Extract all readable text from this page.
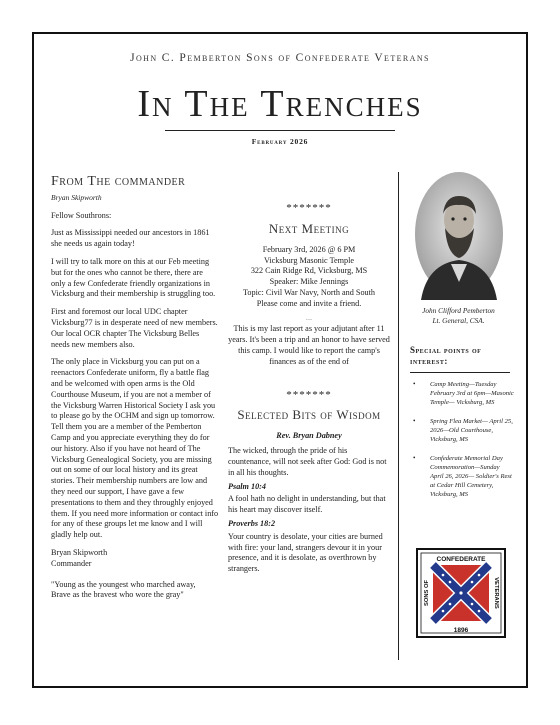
John C. Pemberton Sons of Confederate Veterans
In The Trenches
February 2026
From The commander

Bryan Skipworth

Fellow Southrons:

Just as Mississippi needed our ancestors in 1861 she needs us again today!

I will try to talk more on this at our Feb meeting but for the ones who cannot be there, there are only a few Confederate friendly organizations in Vicksburg and their membership is struggling too.

First and foremost our local UDC chapter Vicksburg77 is in desperate need of new members. Our local OCR chapter The Vicksburg Belles needs new members also.

The only place in Vicksburg you can put on a reenactors Confederate uniform, fly a battle flag and be welcomed with open arms is the Old Courthouse Museum, if you are not a member of the Vicksburg Warren Historical Society I ask you to please go by the OCHM and sign up tomorrow. Tell them you are a member of the Pemberton Camp and you appreciate everything they do for our history. Also if you have not heard of The Vicksburg Genealogical Society, you are missing out on some of our local history and its great stories. Their membership numbers are low and they need our support, I have gave a few presentations to them and they throughly enjoyed them. If you need more information or contact info for any of these groups let me know and I will gladly help out.

Bryan Skipworth

Commander

"Young as the youngest who marched away,
Brave as the bravest who wore the gray"

*******

Next Meeting
February 3rd, 2026 @ 6 PM
Vicksburg Masonic Temple
322 Cain Ridge Rd, Vicksburg, MS
Speaker: Mike Jennings
Topic: Civil War Navy, North and South
Please come and invite a friend.
...

This is my last report as your adjutant after 11 years. It's been a trip and an honor to have served this camp. I would like to report the camp's finances as of the end of

*******

Selected Bits of Wisdom

Rev. Bryan Dabney

The wicked, through the pride of his countenance, will not seek after God: God is not in all his thoughts.

Psalm 10:4

A fool hath no delight in understanding, but that his heart may discover itself.

Proverbs 18:2

Your country is desolate, your cities are burned with fire: your land, strangers devour it in your presence, and it is desolate, as overthrown by strangers.

John Clifford Pemberton
Lt. General, CSA.
Special points of interest:
• Camp Meeting—Tuesday February 3rd at 6pm—Masonic Temple— Vicksburg, MS
• Spring Flea Market— April 25, 2026—Old Courthouse, Vicksburg, MS
• Confederate Memorial Day Commemoration—Sunday April 26, 2026— Soldier's Rest at Cedar Hill Cemetery, Vicksburg, MS
CONFEDERATE
1896
SONS OF	VETERANS
